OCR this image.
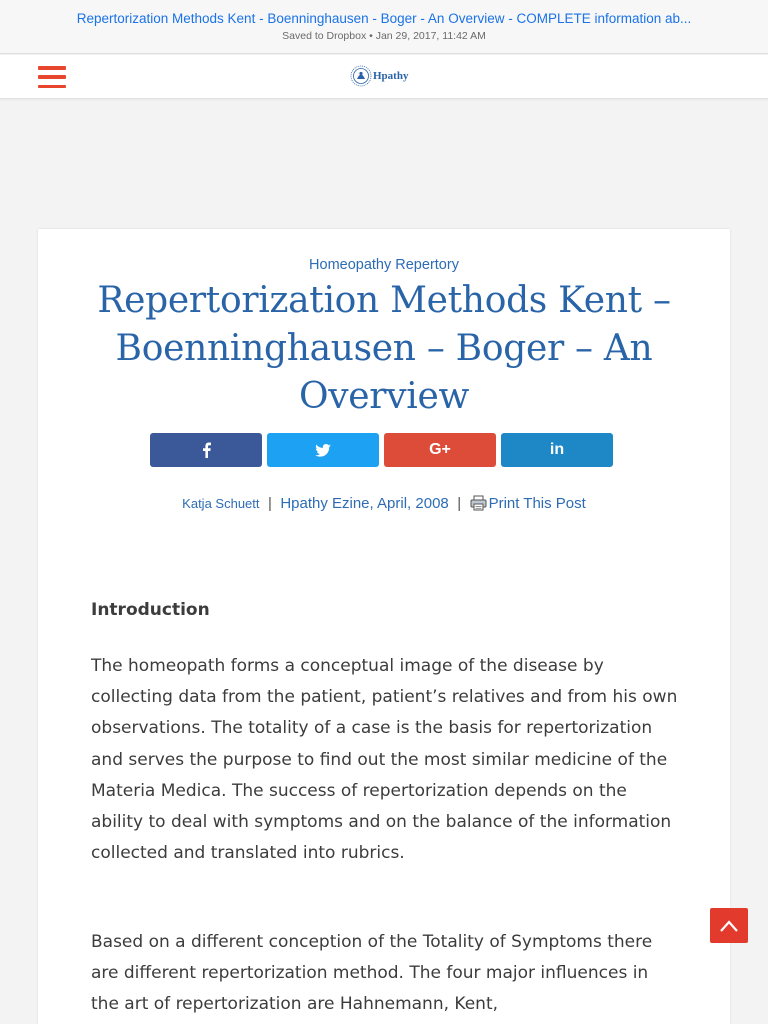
Repertorization Methods Kent - Boenninghausen - Boger - An Overview - COMPLETE information ab...
Saved to Dropbox • Jan 29, 2017, 11:42 AM
Hpathy
Homeopathy Repertory
Repertorization Methods Kent – Boenninghausen – Boger – An Overview
G+	in
Katja Schuett | Hpathy Ezine, April, 2008 | Print This Post
Introduction

The homeopath forms a conceptual image of the disease by collecting data from the patient, patient’s relatives and from his own observations. The totality of a case is the basis for repertorization and serves the purpose to find out the most similar medicine of the Materia Medica. The success of repertorization depends on the ability to deal with symptoms and on the balance of the information collected and translated into rubrics.

Based on a different conception of the Totality of Symptoms there are different repertorization method. The four major influences in the art of repertorization are Hahnemann, Kent,
